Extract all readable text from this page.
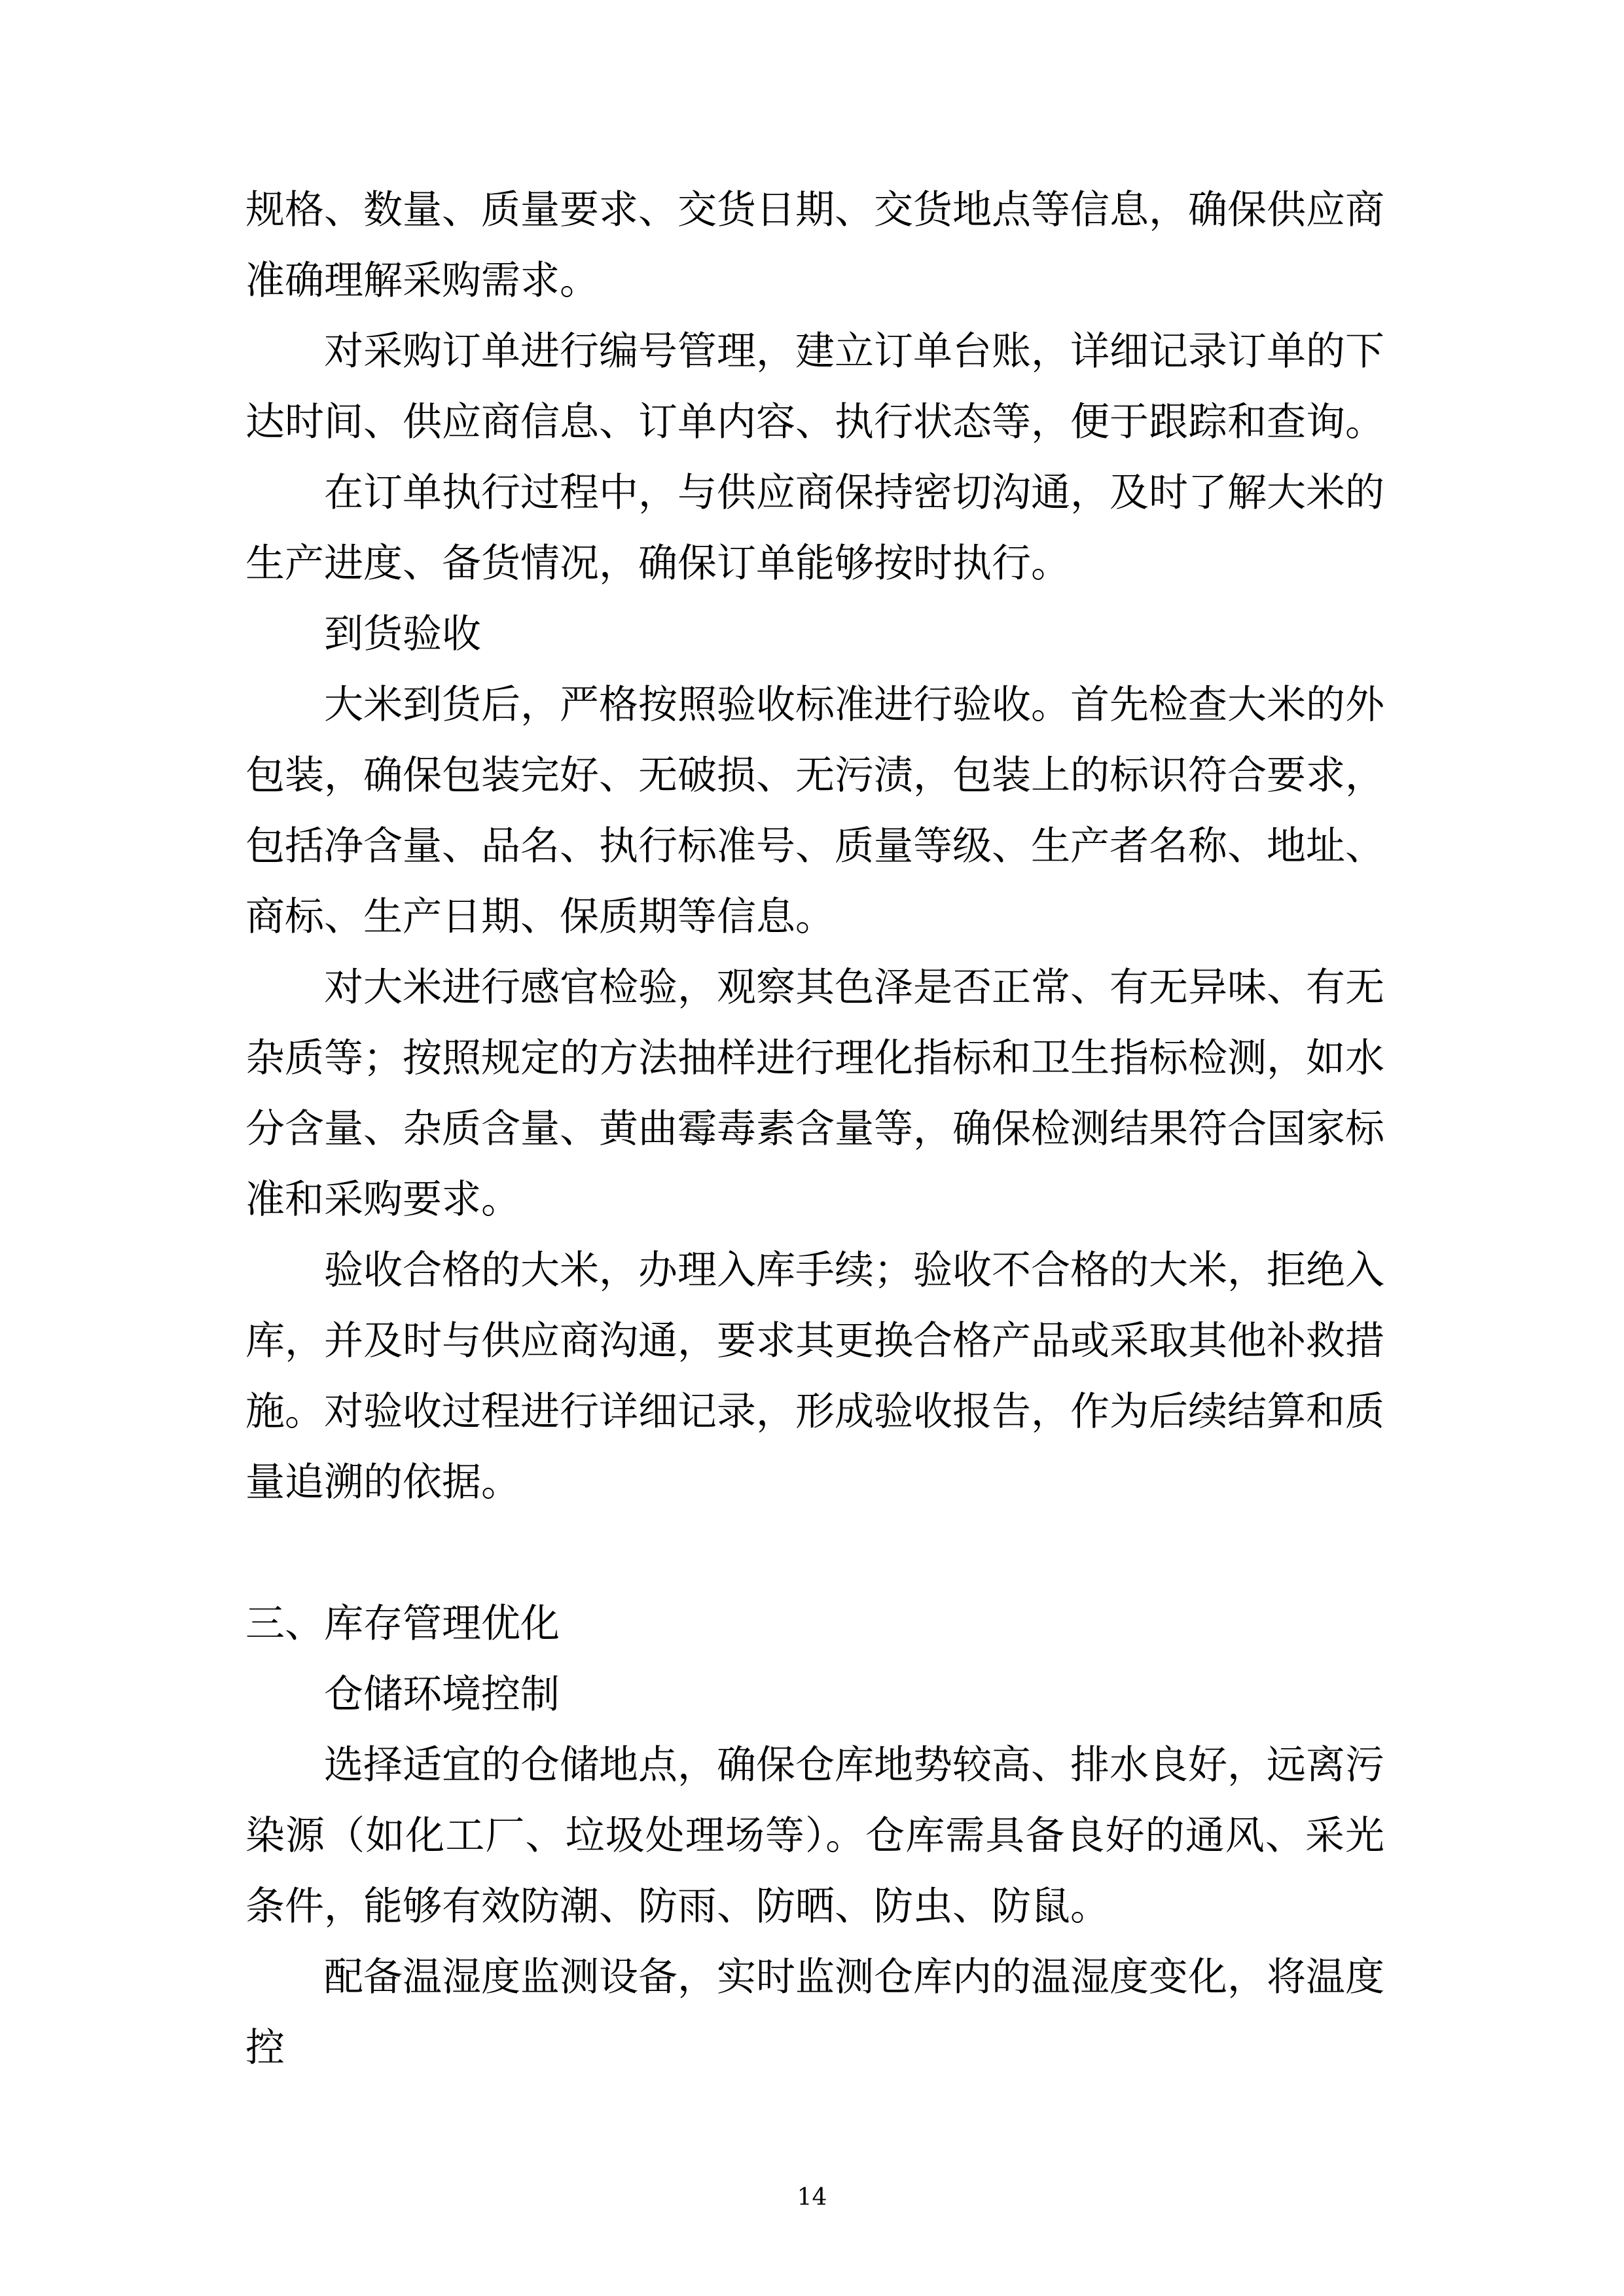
规格、数量、质量要求、交货日期、交货地点等信息，确保供应商准确理解采购需求。

对采购订单进行编号管理，建立订单台账，详细记录订单的下达时间、供应商信息、订单内容、执行状态等，便于跟踪和查询。

在订单执行过程中，与供应商保持密切沟通，及时了解大米的生产进度、备货情况，确保订单能够按时执行。

到货验收

大米到货后，严格按照验收标准进行验收。首先检查大米的外包装，确保包装完好、无破损、无污渍，包装上的标识符合要求，包括净含量、品名、执行标准号、质量等级、生产者名称、地址、商标、生产日期、保质期等信息。

对大米进行感官检验，观察其色泽是否正常、有无异味、有无杂质等；按照规定的方法抽样进行理化指标和卫生指标检测，如水分含量、杂质含量、黄曲霉毒素含量等，确保检测结果符合国家标准和采购要求。

验收合格的大米，办理入库手续；验收不合格的大米，拒绝入库，并及时与供应商沟通，要求其更换合格产品或采取其他补救措施。对验收过程进行详细记录，形成验收报告，作为后续结算和质量追溯的依据。

三、库存管理优化

仓储环境控制

选择适宜的仓储地点，确保仓库地势较高、排水良好，远离污染源（如化工厂、垃圾处理场等）。仓库需具备良好的通风、采光条件，能够有效防潮、防雨、防晒、防虫、防鼠。

配备温湿度监测设备，实时监测仓库内的温湿度变化，将温度控

14
